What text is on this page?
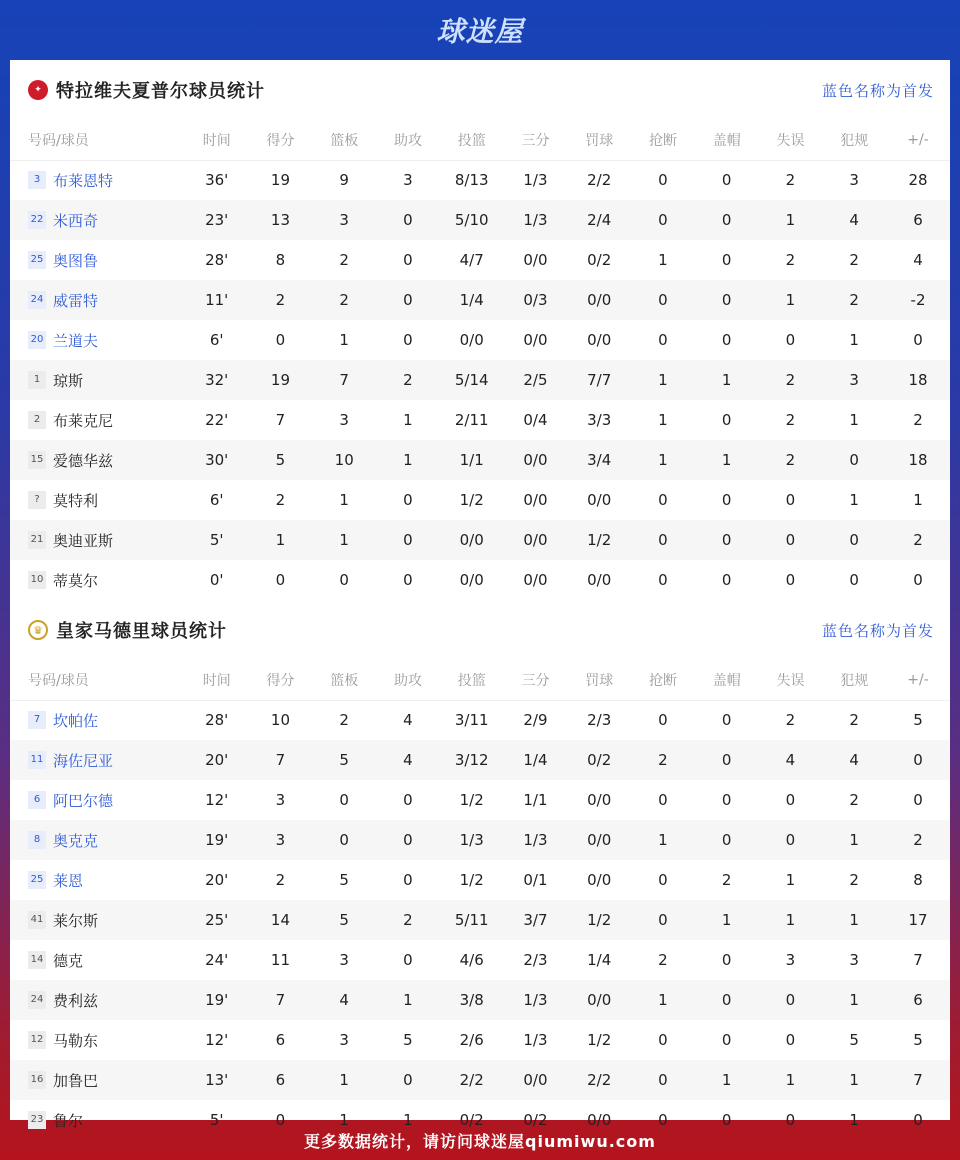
球迷屋
✦ 特拉维夫夏普尔球员统计	蓝色名称为首发
号码/球员	时间	得分	篮板	助攻	投篮	三分	罚球	抢断	盖帽	失误	犯规	+/-
3 布莱恩特	36'	19	9	3	8/13	1/3	2/2	0	0	2	3	28
22 米西奇	23'	13	3	0	5/10	1/3	2/4	0	0	1	4	6
25 奥图鲁	28'	8	2	0	4/7	0/0	0/2	1	0	2	2	4
24 威雷特	11'	2	2	0	1/4	0/3	0/0	0	0	1	2	-2
20 兰道夫	6'	0	1	0	0/0	0/0	0/0	0	0	0	1	0
1 琼斯	32'	19	7	2	5/14	2/5	7/7	1	1	2	3	18
2 布莱克尼	22'	7	3	1	2/11	0/4	3/3	1	0	2	1	2
15 爱德华兹	30'	5	10	1	1/1	0/0	3/4	1	1	2	0	18
? 莫特利	6'	2	1	0	1/2	0/0	0/0	0	0	0	1	1
21 奥迪亚斯	5'	1	1	0	0/0	0/0	1/2	0	0	0	0	2
10 蒂莫尔	0'	0	0	0	0/0	0/0	0/0	0	0	0	0	0
♛ 皇家马德里球员统计	蓝色名称为首发
号码/球员	时间	得分	篮板	助攻	投篮	三分	罚球	抢断	盖帽	失误	犯规	+/-
7 坎帕佐	28'	10	2	4	3/11	2/9	2/3	0	0	2	2	5
11 海佐尼亚	20'	7	5	4	3/12	1/4	0/2	2	0	4	4	0
6 阿巴尔德	12'	3	0	0	1/2	1/1	0/0	0	0	0	2	0
8 奥克克	19'	3	0	0	1/3	1/3	0/0	1	0	0	1	2
25 莱恩	20'	2	5	0	1/2	0/1	0/0	0	2	1	2	8
41 莱尔斯	25'	14	5	2	5/11	3/7	1/2	0	1	1	1	17
14 德克	24'	11	3	0	4/6	2/3	1/4	2	0	3	3	7
24 费利兹	19'	7	4	1	3/8	1/3	0/0	1	0	0	1	6
12 马勒东	12'	6	3	5	2/6	1/3	1/2	0	0	0	5	5
16 加鲁巴	13'	6	1	0	2/2	0/0	2/2	0	1	1	1	7
23 鲁尔	5'	0	1	1	0/2	0/2	0/0	0	0	0	1	0
更多数据统计，请访问球迷屋qiumiwu.com
